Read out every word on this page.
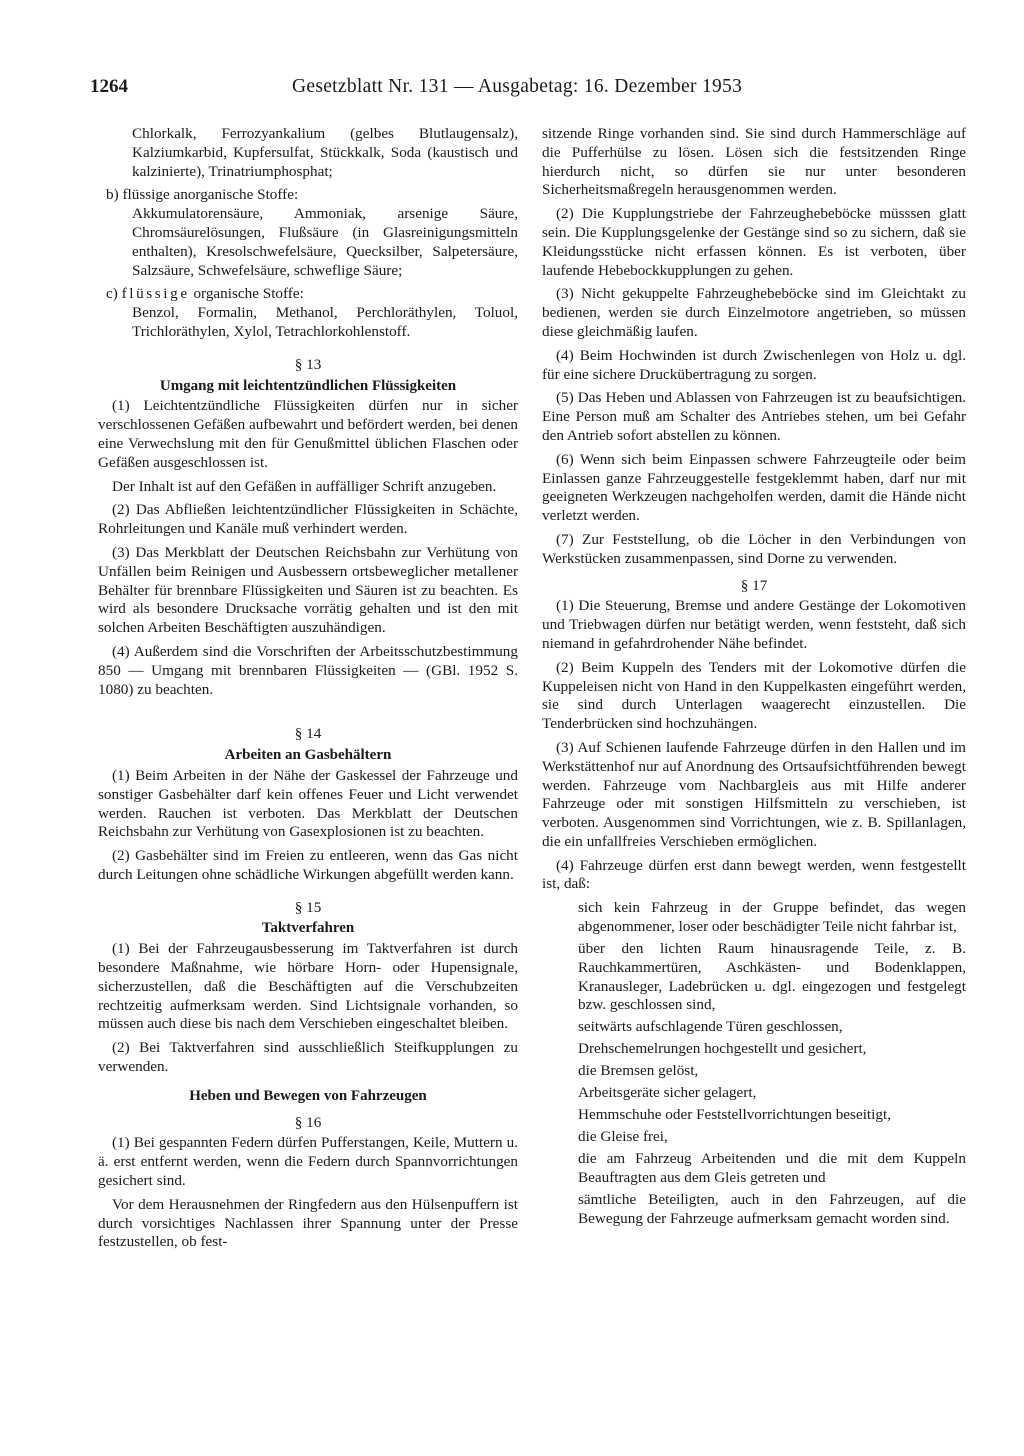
1264	Gesetzblatt Nr. 131 — Ausgabetag: 16. Dezember 1953

Chlorkalk, Ferrozyankalium (gelbes Blutlaugensalz), Kalziumkarbid, Kupfersulfat, Stückkalk, Soda (kaustisch und kalzinierte), Trinatriumphosphat;

b) flüssige anorganische Stoffe:
Akkumulatorensäure, Ammoniak, arsenige Säure, Chromsäurelösungen, Flußsäure (in Glasreinigungsmitteln enthalten), Kresolschwefelsäure, Quecksilber, Salpetersäure, Salzsäure, Schwefelsäure, schweflige Säure;
c) flüssige organische Stoffe:
Benzol, Formalin, Methanol, Perchloräthylen, Toluol, Trichloräthylen, Xylol, Tetrachlorkohlenstoff.
§ 13
Umgang mit leichtentzündlichen Flüssigkeiten

(1) Leichtentzündliche Flüssigkeiten dürfen nur in sicher verschlossenen Gefäßen aufbewahrt und befördert werden, bei denen eine Verwechslung mit den für Genußmittel üblichen Flaschen oder Gefäßen ausgeschlossen ist.

Der Inhalt ist auf den Gefäßen in auffälliger Schrift anzugeben.

(2) Das Abfließen leichtentzündlicher Flüssigkeiten in Schächte, Rohrleitungen und Kanäle muß verhindert werden.

(3) Das Merkblatt der Deutschen Reichsbahn zur Verhütung von Unfällen beim Reinigen und Ausbessern ortsbeweglicher metallener Behälter für brennbare Flüssigkeiten und Säuren ist zu beachten. Es wird als besondere Drucksache vorrätig gehalten und ist den mit solchen Arbeiten Beschäftigten auszuhändigen.

(4) Außerdem sind die Vorschriften der Arbeitsschutzbestimmung 850 — Umgang mit brennbaren Flüssigkeiten — (GBl. 1952 S. 1080) zu beachten.

§ 14
Arbeiten an Gasbehältern

(1) Beim Arbeiten in der Nähe der Gaskessel der Fahrzeuge und sonstiger Gasbehälter darf kein offenes Feuer und Licht verwendet werden. Rauchen ist verboten. Das Merkblatt der Deutschen Reichsbahn zur Verhütung von Gasexplosionen ist zu beachten.

(2) Gasbehälter sind im Freien zu entleeren, wenn das Gas nicht durch Leitungen ohne schädliche Wirkungen abgefüllt werden kann.

§ 15
Taktverfahren

(1) Bei der Fahrzeugausbesserung im Taktverfahren ist durch besondere Maßnahme, wie hörbare Horn- oder Hupensignale, sicherzustellen, daß die Beschäftigten auf die Verschubzeiten rechtzeitig aufmerksam werden. Sind Lichtsignale vorhanden, so müssen auch diese bis nach dem Verschieben eingeschaltet bleiben.

(2) Bei Taktverfahren sind ausschließlich Steifkupplungen zu verwenden.

Heben und Bewegen von Fahrzeugen
§ 16

(1) Bei gespannten Federn dürfen Pufferstangen, Keile, Muttern u. ä. erst entfernt werden, wenn die Federn durch Spannvorrichtungen gesichert sind.

Vor dem Herausnehmen der Ringfedern aus den Hülsenpuffern ist durch vorsichtiges Nachlassen ihrer Spannung unter der Presse festzustellen, ob fest-

sitzende Ringe vorhanden sind. Sie sind durch Hammerschläge auf die Pufferhülse zu lösen. Lösen sich die festsitzenden Ringe hierdurch nicht, so dürfen sie nur unter besonderen Sicherheitsmaßregeln herausgenommen werden.

(2) Die Kupplungstriebe der Fahrzeughebeböcke müsssen glatt sein. Die Kupplungsgelenke der Gestänge sind so zu sichern, daß sie Kleidungsstücke nicht erfassen können. Es ist verboten, über laufende Hebebockkupplungen zu gehen.

(3) Nicht gekuppelte Fahrzeughebeböcke sind im Gleichtakt zu bedienen, werden sie durch Einzelmotore angetrieben, so müssen diese gleichmäßig laufen.

(4) Beim Hochwinden ist durch Zwischenlegen von Holz u. dgl. für eine sichere Druckübertragung zu sorgen.

(5) Das Heben und Ablassen von Fahrzeugen ist zu beaufsichtigen. Eine Person muß am Schalter des Antriebes stehen, um bei Gefahr den Antrieb sofort abstellen zu können.

(6) Wenn sich beim Einpassen schwere Fahrzeugteile oder beim Einlassen ganze Fahrzeuggestelle festgeklemmt haben, darf nur mit geeigneten Werkzeugen nachgeholfen werden, damit die Hände nicht verletzt werden.

(7) Zur Feststellung, ob die Löcher in den Verbindungen von Werkstücken zusammenpassen, sind Dorne zu verwenden.

§ 17

(1) Die Steuerung, Bremse und andere Gestänge der Lokomotiven und Triebwagen dürfen nur betätigt werden, wenn feststeht, daß sich niemand in gefahrdrohender Nähe befindet.

(2) Beim Kuppeln des Tenders mit der Lokomotive dürfen die Kuppeleisen nicht von Hand in den Kuppelkasten eingeführt werden, sie sind durch Unterlagen waagerecht einzustellen. Die Tenderbrücken sind hochzuhängen.

(3) Auf Schienen laufende Fahrzeuge dürfen in den Hallen und im Werkstättenhof nur auf Anordnung des Ortsaufsichtführenden bewegt werden. Fahrzeuge vom Nachbargleis aus mit Hilfe anderer Fahrzeuge oder mit sonstigen Hilfsmitteln zu verschieben, ist verboten. Ausgenommen sind Vorrichtungen, wie z. B. Spillanlagen, die ein unfallfreies Verschieben ermöglichen.

(4) Fahrzeuge dürfen erst dann bewegt werden, wenn festgestellt ist, daß:

sich kein Fahrzeug in der Gruppe befindet, das wegen abgenommener, loser oder beschädigter Teile nicht fahrbar ist,
über den lichten Raum hinausragende Teile, z. B. Rauchkammertüren, Aschkästen- und Bodenklappen, Kranausleger, Ladebrücken u. dgl. eingezogen und festgelegt bzw. geschlossen sind,
seitwärts aufschlagende Türen geschlossen,
Drehschemelrungen hochgestellt und gesichert,
die Bremsen gelöst,
Arbeitsgeräte sicher gelagert,
Hemmschuhe oder Feststellvorrichtungen beseitigt,
die Gleise frei,
die am Fahrzeug Arbeitenden und die mit dem Kuppeln Beauftragten aus dem Gleis getreten und
sämtliche Beteiligten, auch in den Fahrzeugen, auf die Bewegung der Fahrzeuge aufmerksam gemacht worden sind.
